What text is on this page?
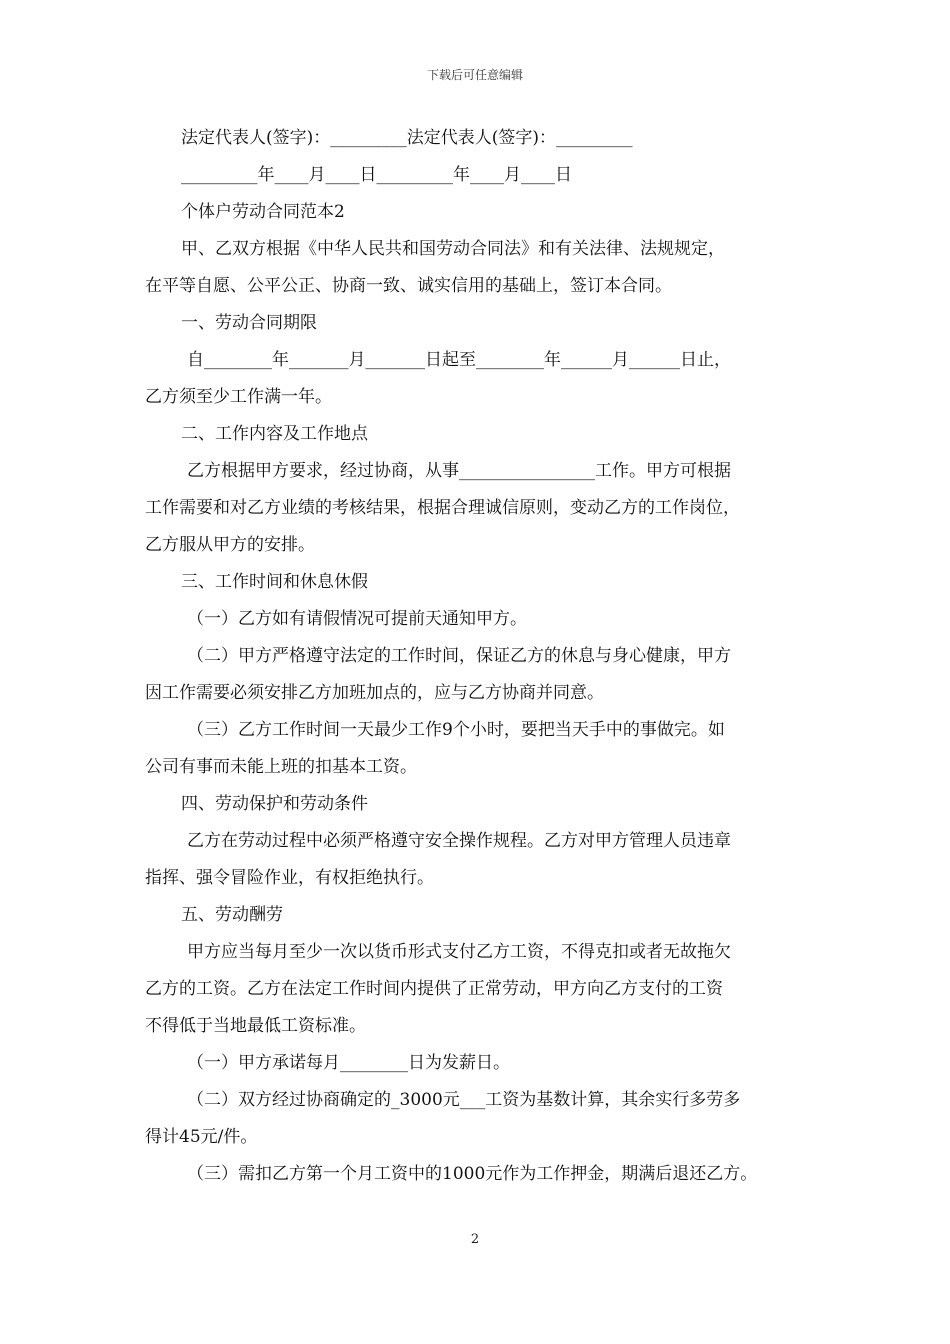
下载后可任意编辑

法定代表人(签字)：_________法定代表人(签字)：_________

_________年____月____日_________年____月____日

个体户劳动合同范本2

甲、乙双方根据《中华人民共和国劳动合同法》和有关法律、法规规定，

在平等自愿、公平公正、协商一致、诚实信用的基础上，签订本合同。

一、劳动合同期限

自________年_______月_______日起至________年______月______日止，

乙方须至少工作满一年。

二、工作内容及工作地点

乙方根据甲方要求，经过协商，从事________________工作。甲方可根据

工作需要和对乙方业绩的考核结果，根据合理诚信原则，变动乙方的工作岗位，

乙方服从甲方的安排。

三、工作时间和休息休假

（一）乙方如有请假情况可提前天通知甲方。

（二）甲方严格遵守法定的工作时间，保证乙方的休息与身心健康，甲方

因工作需要必须安排乙方加班加点的，应与乙方协商并同意。

（三）乙方工作时间一天最少工作9个小时，要把当天手中的事做完。如

公司有事而未能上班的扣基本工资。

四、劳动保护和劳动条件

乙方在劳动过程中必须严格遵守安全操作规程。乙方对甲方管理人员违章

指挥、强令冒险作业，有权拒绝执行。

五、劳动酬劳

甲方应当每月至少一次以货币形式支付乙方工资，不得克扣或者无故拖欠

乙方的工资。乙方在法定工作时间内提供了正常劳动，甲方向乙方支付的工资

不得低于当地最低工资标准。

（一）甲方承诺每月________日为发薪日。

（二）双方经过协商确定的_3000元___工资为基数计算，其余实行多劳多

得计45元/件。

（三）需扣乙方第一个月工资中的1000元作为工作押金，期满后退还乙方。

2
